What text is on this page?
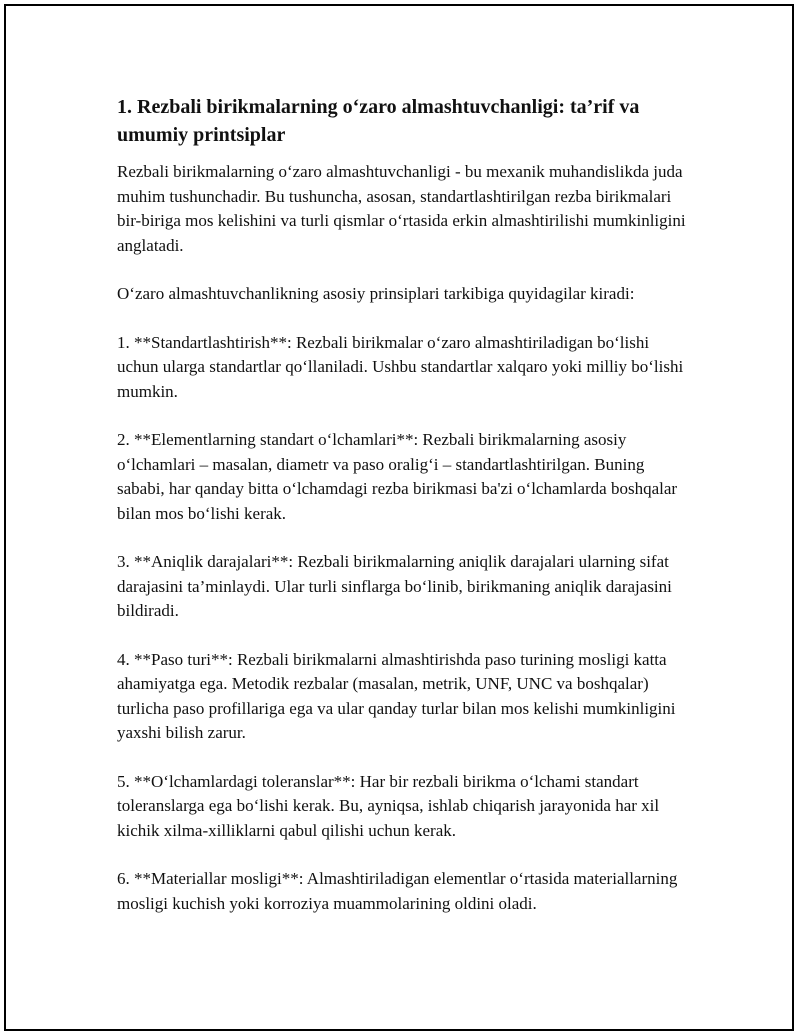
1. Rezbali birikmalarning o‘zaro almashtuvchanligi: ta’rif va umumiy printsiplar

Rezbali birikmalarning o‘zaro almashtuvchanligi - bu mexanik muhandislikda juda muhim tushunchadir. Bu tushuncha, asosan, standartlashtirilgan rezba birikmalari bir-biriga mos kelishini va turli qismlar o‘rtasida erkin almashtirilishi mumkinligini anglatadi.

O‘zaro almashtuvchanlikning asosiy prinsiplari tarkibiga quyidagilar kiradi:

1. **Standartlashtirish**: Rezbali birikmalar o‘zaro almashtiriladigan bo‘lishi uchun ularga standartlar qo‘llaniladi. Ushbu standartlar xalqaro yoki milliy bo‘lishi mumkin.

2. **Elementlarning standart o‘lchamlari**: Rezbali birikmalarning asosiy o‘lchamlari – masalan, diametr va paso oralig‘i – standartlashtirilgan. Buning sababi, har qanday bitta o‘lchamdagi rezba birikmasi ba'zi o‘lchamlarda boshqalar bilan mos bo‘lishi kerak.

3. **Aniqlik darajalari**: Rezbali birikmalarning aniqlik darajalari ularning sifat darajasini ta’minlaydi. Ular turli sinflarga bo‘linib, birikmaning aniqlik darajasini bildiradi.

4. **Paso turi**: Rezbali birikmalarni almashtirishda paso turining mosligi katta ahamiyatga ega. Metodik rezbalar (masalan, metrik, UNF, UNC va boshqalar) turlicha paso profillariga ega va ular qanday turlar bilan mos kelishi mumkinligini yaxshi bilish zarur.

5. **O‘lchamlardagi toleranslar**: Har bir rezbali birikma o‘lchami standart toleranslarga ega bo‘lishi kerak. Bu, ayniqsa, ishlab chiqarish jarayonida har xil kichik xilma-xilliklarni qabul qilishi uchun kerak.

6. **Materiallar mosligi**: Almashtiriladigan elementlar o‘rtasida materiallarning mosligi kuchish yoki korroziya muammolarining oldini oladi.
